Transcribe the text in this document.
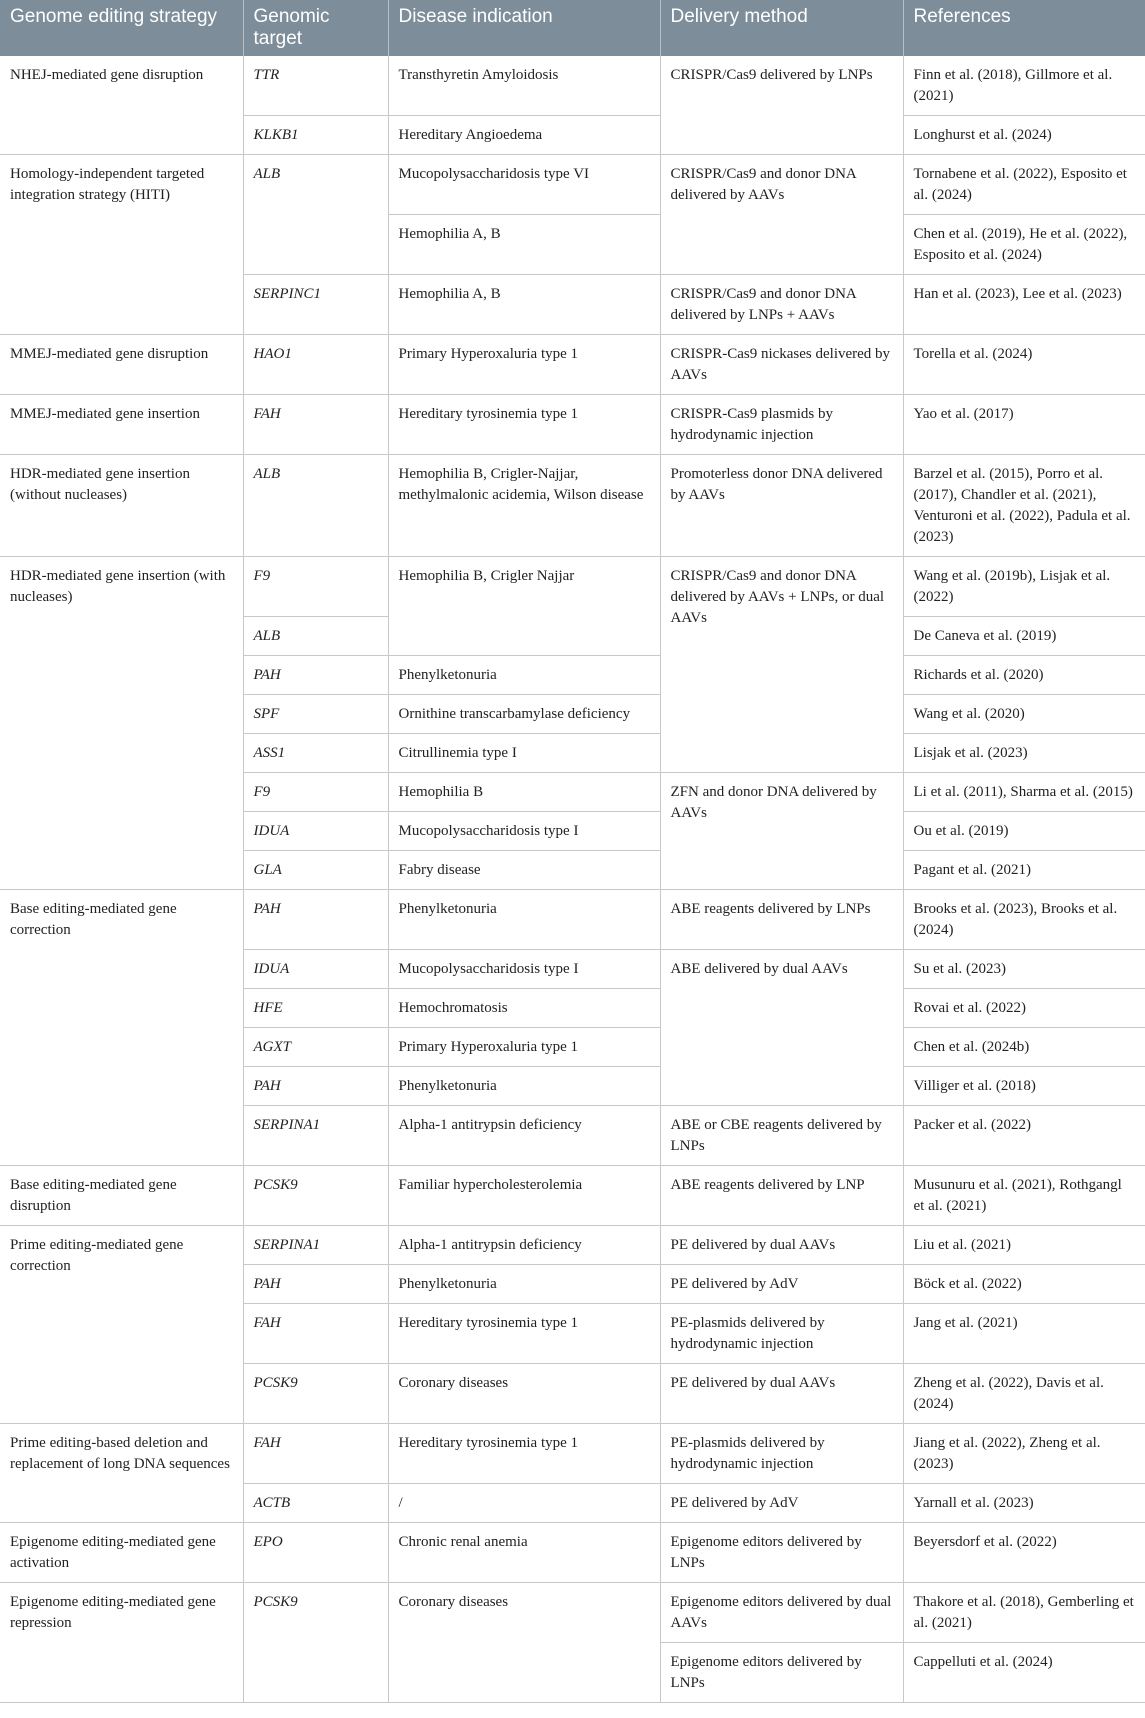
Genome editing strategy	Genomic target	Disease indication	Delivery method	References
NHEJ-mediated gene disruption	TTR	Transthyretin Amyloidosis	CRISPR/Cas9 delivered by LNPs	Finn et al. (2018), Gillmore et al. (2021)
	KLKB1	Hereditary Angioedema		Longhurst et al. (2024)
Homology-independent targeted integration strategy (HITI)	ALB	Mucopolysaccharidosis type VI	CRISPR/Cas9 and donor DNA delivered by AAVs	Tornabene et al. (2022), Esposito et al. (2024)
		Hemophilia A, B		Chen et al. (2019), He et al. (2022), Esposito et al. (2024)
	SERPINC1	Hemophilia A, B	CRISPR/Cas9 and donor DNA delivered by LNPs + AAVs	Han et al. (2023), Lee et al. (2023)
MMEJ-mediated gene disruption	HAO1	Primary Hyperoxaluria type 1	CRISPR-Cas9 nickases delivered by AAVs	Torella et al. (2024)
MMEJ-mediated gene insertion	FAH	Hereditary tyrosinemia type 1	CRISPR-Cas9 plasmids by hydrodynamic injection	Yao et al. (2017)
HDR-mediated gene insertion (without nucleases)	ALB	Hemophilia B, Crigler-Najjar, methylmalonic acidemia, Wilson disease	Promoterless donor DNA delivered by AAVs	Barzel et al. (2015), Porro et al. (2017), Chandler et al. (2021), Venturoni et al. (2022), Padula et al. (2023)
HDR-mediated gene insertion (with nucleases)	F9	Hemophilia B, Crigler Najjar	CRISPR/Cas9 and donor DNA delivered by AAVs + LNPs, or dual AAVs	Wang et al. (2019b), Lisjak et al. (2022)
	ALB			De Caneva et al. (2019)
	PAH	Phenylketonuria		Richards et al. (2020)
	SPF	Ornithine transcarbamylase deficiency		Wang et al. (2020)
	ASS1	Citrullinemia type I		Lisjak et al. (2023)
	F9	Hemophilia B	ZFN and donor DNA delivered by AAVs	Li et al. (2011), Sharma et al. (2015)
	IDUA	Mucopolysaccharidosis type I		Ou et al. (2019)
	GLA	Fabry disease		Pagant et al. (2021)
Base editing-mediated gene correction	PAH	Phenylketonuria	ABE reagents delivered by LNPs	Brooks et al. (2023), Brooks et al. (2024)
	IDUA	Mucopolysaccharidosis type I	ABE delivered by dual AAVs	Su et al. (2023)
	HFE	Hemochromatosis		Rovai et al. (2022)
	AGXT	Primary Hyperoxaluria type 1		Chen et al. (2024b)
	PAH	Phenylketonuria		Villiger et al. (2018)
	SERPINA1	Alpha-1 antitrypsin deficiency	ABE or CBE reagents delivered by LNPs	Packer et al. (2022)
Base editing-mediated gene disruption	PCSK9	Familiar hypercholesterolemia	ABE reagents delivered by LNP	Musunuru et al. (2021), Rothgangl et al. (2021)
Prime editing-mediated gene correction	SERPINA1	Alpha-1 antitrypsin deficiency	PE delivered by dual AAVs	Liu et al. (2021)
	PAH	Phenylketonuria	PE delivered by AdV	Böck et al. (2022)
	FAH	Hereditary tyrosinemia type 1	PE-plasmids delivered by hydrodynamic injection	Jang et al. (2021)
	PCSK9	Coronary diseases	PE delivered by dual AAVs	Zheng et al. (2022), Davis et al. (2024)
Prime editing-based deletion and replacement of long DNA sequences	FAH	Hereditary tyrosinemia type 1	PE-plasmids delivered by hydrodynamic injection	Jiang et al. (2022), Zheng et al. (2023)
	ACTB	/	PE delivered by AdV	Yarnall et al. (2023)
Epigenome editing-mediated gene activation	EPO	Chronic renal anemia	Epigenome editors delivered by LNPs	Beyersdorf et al. (2022)
Epigenome editing-mediated gene repression	PCSK9	Coronary diseases	Epigenome editors delivered by dual AAVs	Thakore et al. (2018), Gemberling et al. (2021)
			Epigenome editors delivered by LNPs	Cappelluti et al. (2024)
